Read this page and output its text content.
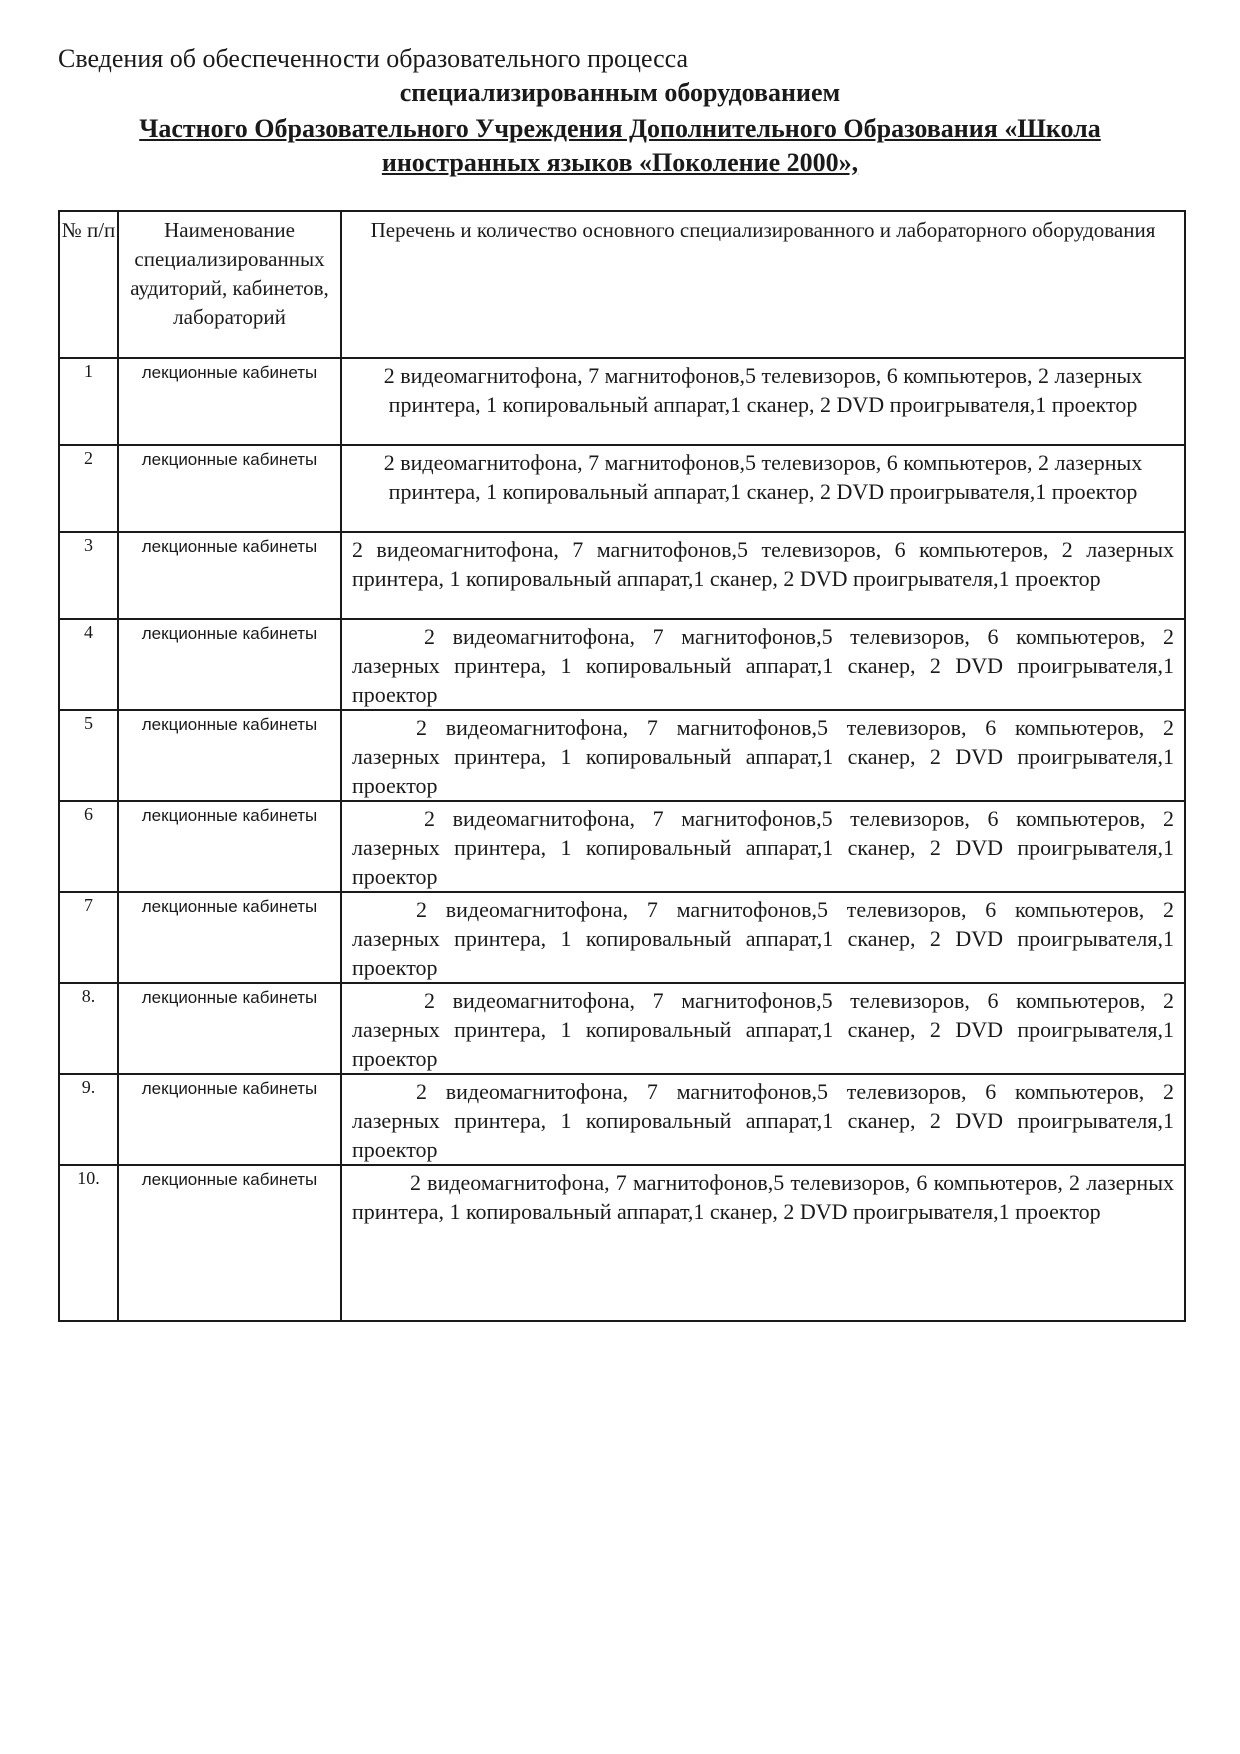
Сведения об обеспеченности образовательного процесса
специализированным оборудованием
Частного Образовательного Учреждения Дополнительного Образования «Школа
иностранных языков «Поколение 2000»,
№ п/п	Наименование специализированных аудиторий, кабинетов, лабораторий	Перечень и количество основного специализированного и лабораторного оборудования
1	лекционные кабинеты	2 видеомагнитофона, 7 магнитофонов,5 телевизоров, 6 компьютеров, 2 лазерных принтера, 1 копировальный аппарат,1 сканер, 2 DVD проигрывателя,1 проектор
2	лекционные кабинеты	2 видеомагнитофона, 7 магнитофонов,5 телевизоров, 6 компьютеров, 2 лазерных принтера, 1 копировальный аппарат,1 сканер, 2 DVD проигрывателя,1 проектор
3	лекционные кабинеты	2 видеомагнитофона, 7 магнитофонов,5 телевизоров, 6 компьютеров, 2 лазерных принтера, 1 копировальный аппарат,1 сканер, 2 DVD проигрывателя,1 проектор
4	лекционные кабинеты	2 видеомагнитофона, 7 магнитофонов,5 телевизоров, 6 компьютеров, 2 лазерных принтера, 1 копировальный аппарат,1 сканер, 2 DVD проигрывателя,1 проектор
5	лекционные кабинеты	2 видеомагнитофона, 7 магнитофонов,5 телевизоров, 6 компьютеров, 2 лазерных принтера, 1 копировальный аппарат,1 сканер, 2 DVD проигрывателя,1 проектор
6	лекционные кабинеты	2 видеомагнитофона, 7 магнитофонов,5 телевизоров, 6 компьютеров, 2 лазерных принтера, 1 копировальный аппарат,1 сканер, 2 DVD проигрывателя,1 проектор
7	лекционные кабинеты	2 видеомагнитофона, 7 магнитофонов,5 телевизоров, 6 компьютеров, 2 лазерных принтера, 1 копировальный аппарат,1 сканер, 2 DVD проигрывателя,1 проектор
8.	лекционные кабинеты	2 видеомагнитофона, 7 магнитофонов,5 телевизоров, 6 компьютеров, 2 лазерных принтера, 1 копировальный аппарат,1 сканер, 2 DVD проигрывателя,1 проектор
9.	лекционные кабинеты	2 видеомагнитофона, 7 магнитофонов,5 телевизоров, 6 компьютеров, 2 лазерных принтера, 1 копировальный аппарат,1 сканер, 2 DVD проигрывателя,1 проектор
10.	лекционные кабинеты	2 видеомагнитофона, 7 магнитофонов,5 телевизоров, 6 компьютеров, 2 лазерных принтера, 1 копировальный аппарат,1 сканер, 2 DVD проигрывателя,1 проектор
